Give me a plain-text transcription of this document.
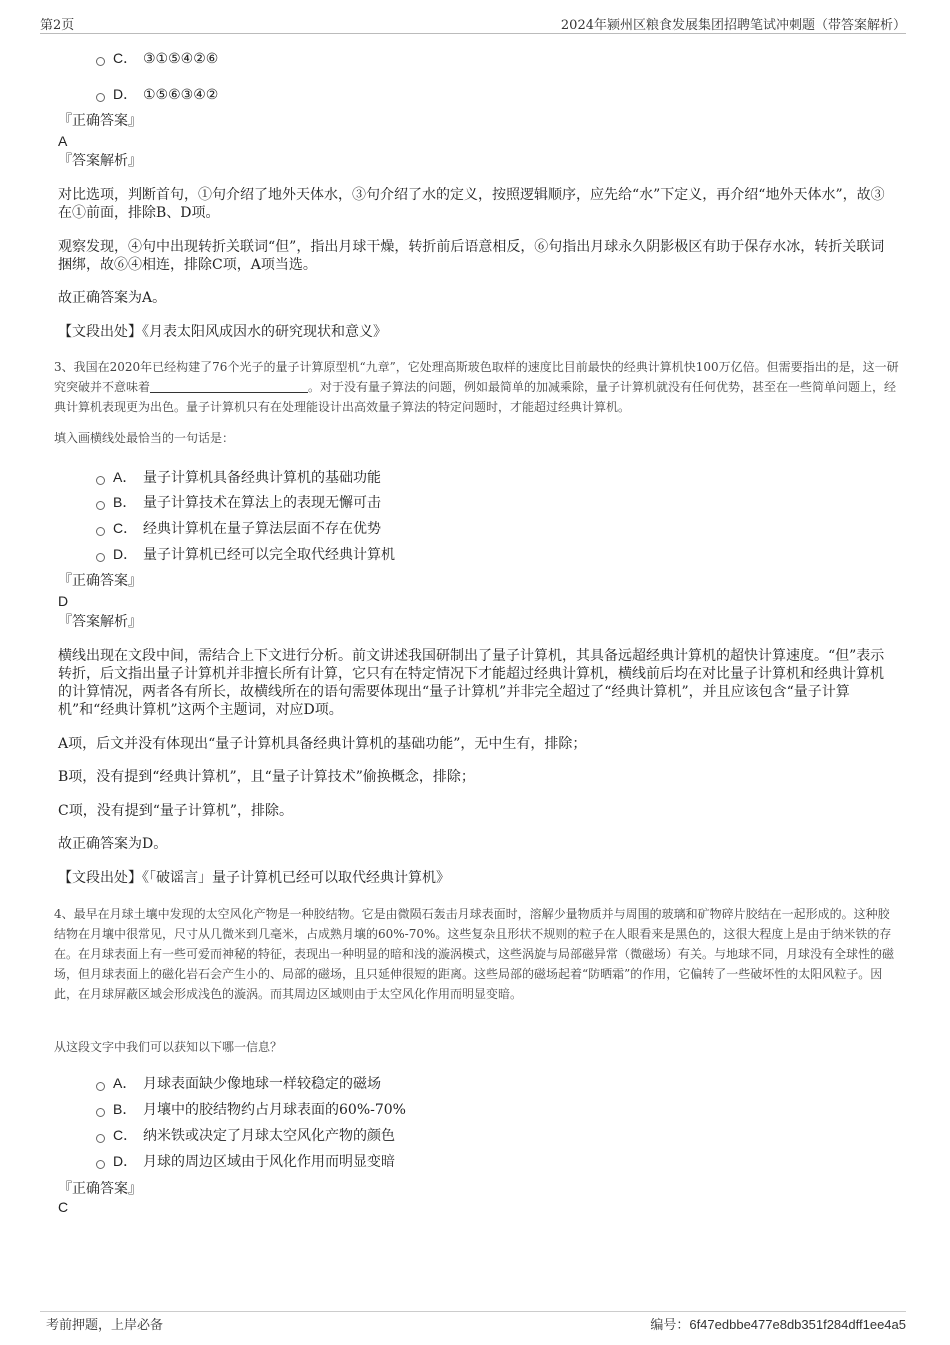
第2页	2024年颍州区粮食发展集团招聘笔试冲刺题（带答案解析）
C． ③①⑤④②⑥
D． ①⑤⑥③④②
『正确答案』
A
『答案解析』
对比选项，判断首句，①句介绍了地外天体水，③句介绍了水的定义，按照逻辑顺序，应先给“水”下定义，再介绍“地外天体水”，故③在①前面，排除B、D项。
观察发现，④句中出现转折关联词“但”，指出月球干燥，转折前后语意相反，⑥句指出月球永久阴影极区有助于保存水冰，转折关联词捆绑，故⑥④相连，排除C项，A项当选。
故正确答案为A。
【文段出处】《月表太阳风成因水的研究现状和意义》
3、我国在2020年已经构建了76个光子的量子计算原型机“九章”，它处理高斯玻色取样的速度比目前最快的经典计算机快100万亿倍。但需要指出的是，这一研究突破并不意味着	。对于没有量子算法的问题，例如最简单的加减乘除，量子计算机就没有任何优势，甚至在一些简单问题上，经典计算机表现更为出色。量子计算机只有在处理能设计出高效量子算法的特定问题时，才能超过经典计算机。
填入画横线处最恰当的一句话是：
A． 量子计算机具备经典计算机的基础功能
B． 量子计算技术在算法上的表现无懈可击
C． 经典计算机在量子算法层面不存在优势
D． 量子计算机已经可以完全取代经典计算机
『正确答案』
D
『答案解析』
横线出现在文段中间，需结合上下文进行分析。前文讲述我国研制出了量子计算机，其具备远超经典计算机的超快计算速度。“但”表示转折，后文指出量子计算机并非擅长所有计算，它只有在特定情况下才能超过经典计算机，横线前后均在对比量子计算机和经典计算机的计算情况，两者各有所长，故横线所在的语句需要体现出“量子计算机”并非完全超过了“经典计算机”，并且应该包含“量子计算机”和“经典计算机”这两个主题词，对应D项。
A项，后文并没有体现出“量子计算机具备经典计算机的基础功能”，无中生有，排除；
B项，没有提到“经典计算机”，且“量子计算技术”偷换概念，排除；
C项，没有提到“量子计算机”，排除。
故正确答案为D。
【文段出处】《「破谣言」量子计算机已经可以取代经典计算机》
4、最早在月球土壤中发现的太空风化产物是一种胶结物。它是由微陨石轰击月球表面时，溶解少量物质并与周围的玻璃和矿物碎片胶结在一起形成的。这种胶结物在月壤中很常见，尺寸从几微米到几毫米，占成熟月壤的60%-70%。这些复杂且形状不规则的粒子在人眼看来是黑色的，这很大程度上是由于纳米铁的存在。在月球表面上有一些可爱而神秘的特征，表现出一种明显的暗和浅的漩涡模式，这些涡旋与局部磁异常（微磁场）有关。与地球不同，月球没有全球性的磁场，但月球表面上的磁化岩石会产生小的、局部的磁场，且只延伸很短的距离。这些局部的磁场起着“防晒霜”的作用，它偏转了一些破坏性的太阳风粒子。因此，在月球屏蔽区域会形成浅色的漩涡。而其周边区域则由于太空风化作用而明显变暗。
从这段文字中我们可以获知以下哪一信息？
A． 月球表面缺少像地球一样较稳定的磁场
B． 月壤中的胶结物约占月球表面的60%-70%
C． 纳米铁或决定了月球太空风化产物的颜色
D． 月球的周边区域由于风化作用而明显变暗
『正确答案』
C
考前押题，上岸必备	编号：6f47edbbe477e8db351f284dff1ee4a5
